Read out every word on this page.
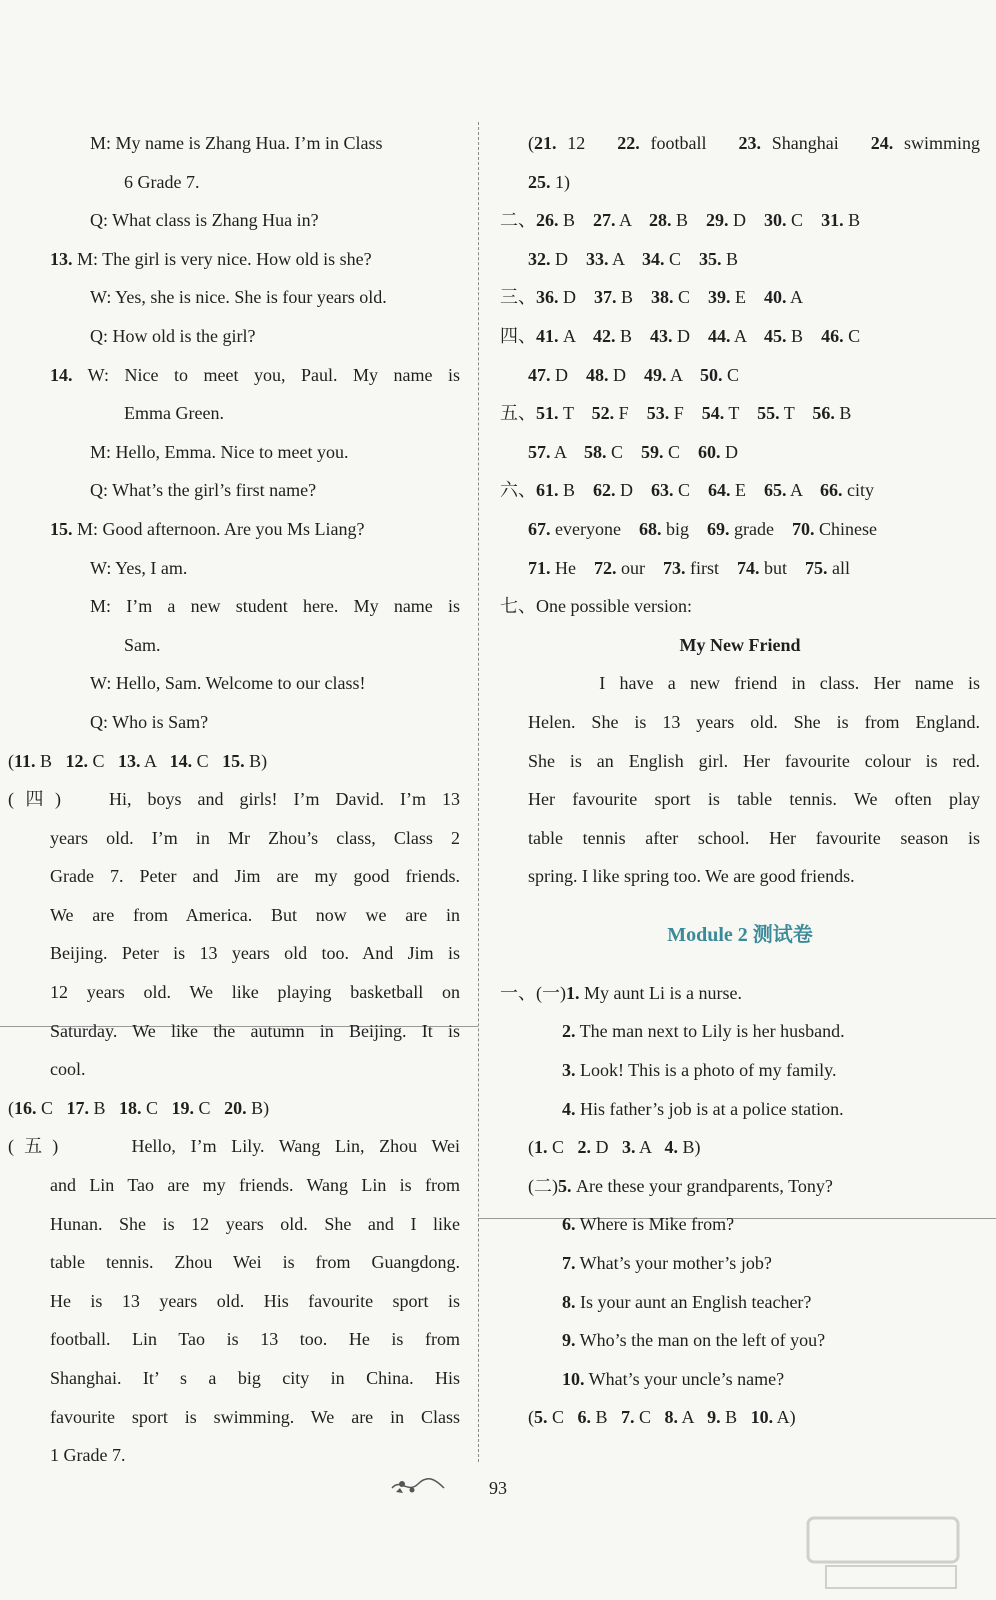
M: My name is Zhang Hua. I’m in Class
6 Grade 7.
Q: What class is Zhang Hua in?
13. M: The girl is very nice. How old is she?
W: Yes, she is nice. She is four years old.
Q: How old is the girl?
14. W: Nice to meet you, Paul. My name is
Emma Green.
M: Hello, Emma. Nice to meet you.
Q: What’s the girl’s first name?
15. M: Good afternoon. Are you Ms Liang?
W: Yes, I am.
M: I’m a new student here. My name is
Sam.
W: Hello, Sam. Welcome to our class!
Q: Who is Sam?
(11. B   12. C   13. A   14. C   15. B)
(四)   Hi, boys and girls! I’m David. I’m 13
years old. I’m in Mr Zhou’s class, Class 2
Grade 7. Peter and Jim are my good friends.
We are from America. But now we are in
Beijing. Peter is 13 years old too. And Jim is
12 years old. We like playing basketball on
Saturday. We like the autumn in Beijing. It is
cool.
(16. C   17. B   18. C   19. C   20. B)
(五)     Hello, I’m Lily. Wang Lin, Zhou Wei
and Lin Tao are my friends. Wang Lin is from
Hunan. She is 12 years old. She and I like
table tennis. Zhou Wei is from Guangdong.
He is 13 years old. His favourite sport is
football. Lin Tao is 13 too. He is from
Shanghai. It’ s a big city in China. His
favourite sport is swimming. We are in Class
1 Grade 7.
(21. 12   22. football   23. Shanghai   24. swimming
25. 1)
二、26. B    27. A    28. B    29. D    30. C    31. B
32. D    33. A    34. C    35. B
三、36. D    37. B    38. C    39. E    40. A
四、41. A    42. B    43. D    44. A    45. B    46. C
47. D    48. D    49. A    50. C
五、51. T    52. F    53. F    54. T    55. T    56. B
57. A    58. C    59. C    60. D
六、61. B    62. D    63. C    64. E    65. A    66. city
67. everyone    68. big    69. grade    70. Chinese
71. He    72. our    73. first    74. but    75. all
七、One possible version:
My New Friend
I have a new friend in class. Her name is
Helen. She is 13 years old. She is from England.
She is an English girl. Her favourite colour is red.
Her favourite sport is table tennis. We often play
table tennis after school. Her favourite season is
spring. I like spring too. We are good friends.
Module 2 测试卷
一、(一)1. My aunt Li is a nurse.
2. The man next to Lily is her husband.
3. Look! This is a photo of my family.
4. His father’s job is at a police station.
(1. C   2. D   3. A   4. B)
(二)5. Are these your grandparents, Tony?
6. Where is Mike from?
7. What’s your mother’s job?
8. Is your aunt an English teacher?
9. Who’s the man on the left of you?
10. What’s your uncle’s name?
(5. C   6. B   7. C   8. A   9. B   10. A)
93
